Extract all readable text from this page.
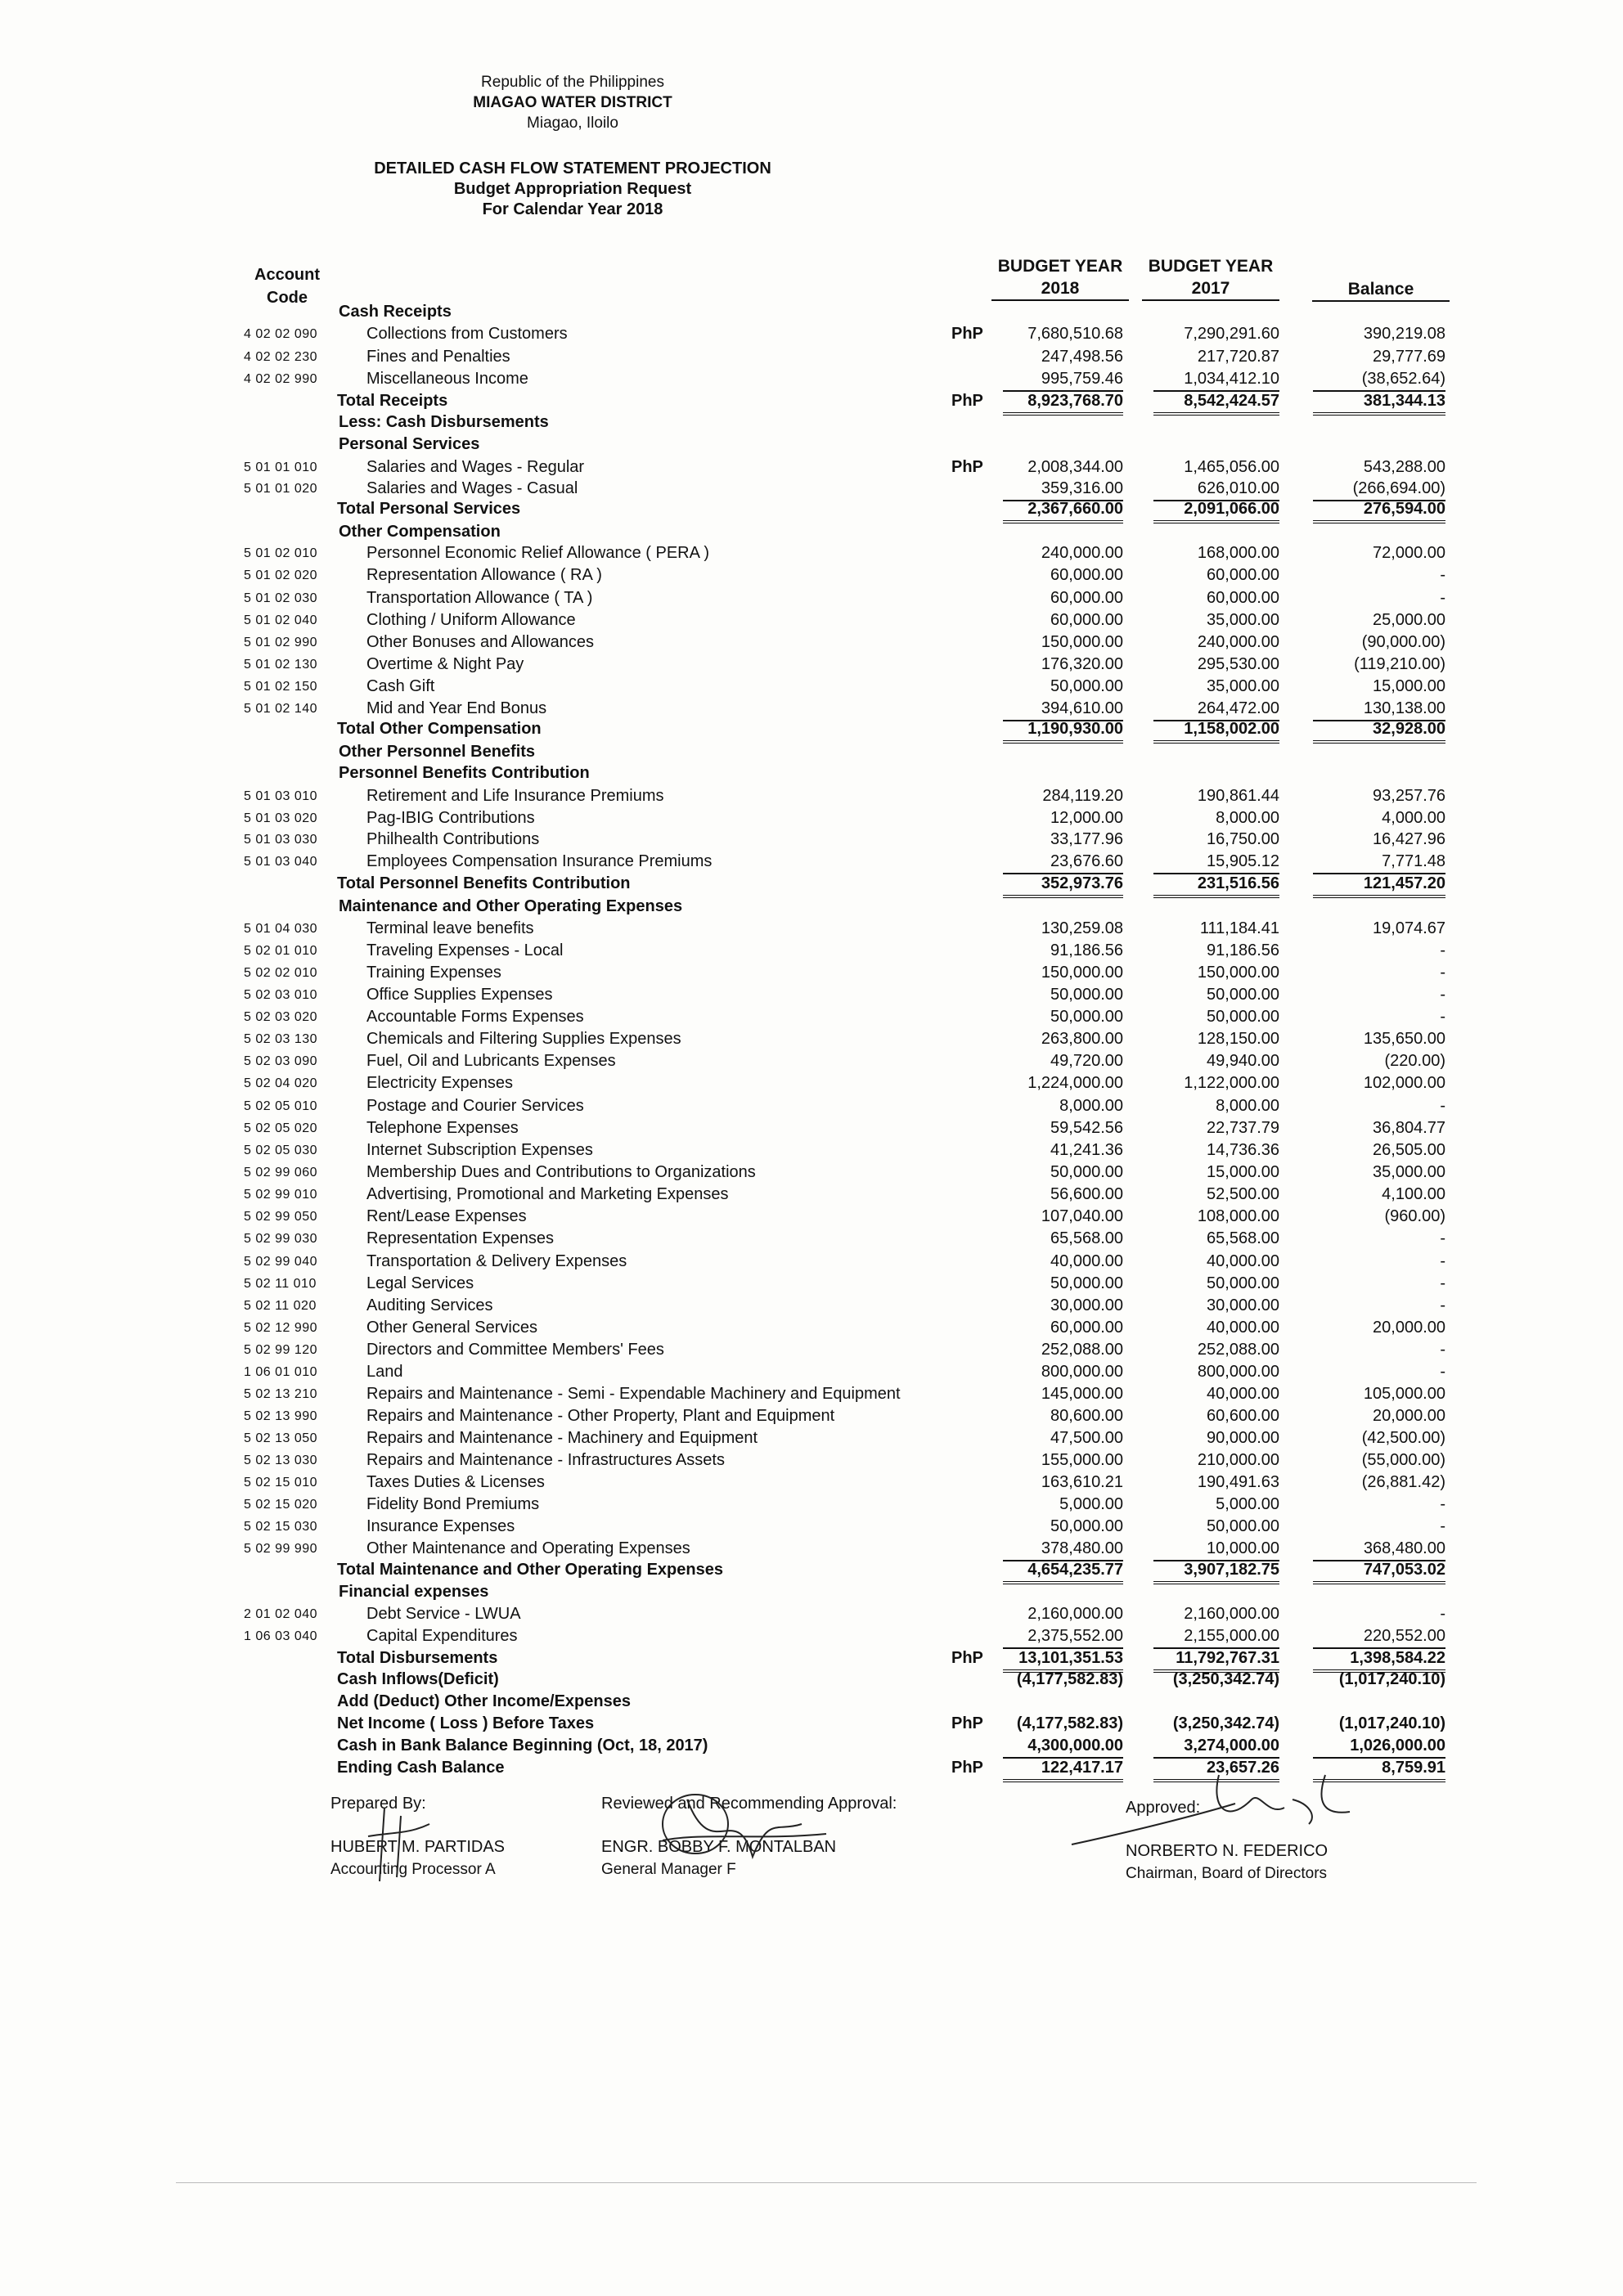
Republic of the Philippines
MIAGAO WATER DISTRICT
Miagao, Iloilo
DETAILED CASH FLOW STATEMENT PROJECTION
Budget Appropriation Request
For Calendar Year 2018
Account
Code
BUDGET YEAR
2018
BUDGET YEAR
2017	Balance
Cash Receipts
4 02 02 090	Collections from Customers	PhP	7,680,510.68	7,290,291.60	390,219.08
4 02 02 230	Fines and Penalties	247,498.56	217,720.87	29,777.69
4 02 02 990	Miscellaneous Income	995,759.46	1,034,412.10	(38,652.64)
Total Receipts	PhP	8,923,768.70	8,542,424.57	381,344.13
Less: Cash Disbursements
Personal Services
5 01 01 010	Salaries and Wages - Regular	PhP	2,008,344.00	1,465,056.00	543,288.00
5 01 01 020	Salaries and Wages - Casual	359,316.00	626,010.00	(266,694.00)
Total Personal Services	2,367,660.00	2,091,066.00	276,594.00
Other Compensation
5 01 02 010	Personnel Economic Relief Allowance ( PERA )	240,000.00	168,000.00	72,000.00
5 01 02 020	Representation Allowance ( RA )	60,000.00	60,000.00	-
5 01 02 030	Transportation Allowance ( TA )	60,000.00	60,000.00	-
5 01 02 040	Clothing / Uniform Allowance	60,000.00	35,000.00	25,000.00
5 01 02 990	Other Bonuses and Allowances	150,000.00	240,000.00	(90,000.00)
5 01 02 130	Overtime & Night Pay	176,320.00	295,530.00	(119,210.00)
5 01 02 150	Cash Gift	50,000.00	35,000.00	15,000.00
5 01 02 140	Mid and Year End Bonus	394,610.00	264,472.00	130,138.00
Total Other Compensation	1,190,930.00	1,158,002.00	32,928.00
Other Personnel Benefits
Personnel Benefits Contribution
5 01 03 010	Retirement and Life Insurance Premiums	284,119.20	190,861.44	93,257.76
5 01 03 020	Pag-IBIG Contributions	12,000.00	8,000.00	4,000.00
5 01 03 030	Philhealth Contributions	33,177.96	16,750.00	16,427.96
5 01 03 040	Employees Compensation Insurance Premiums	23,676.60	15,905.12	7,771.48
Total Personnel Benefits Contribution	352,973.76	231,516.56	121,457.20
Maintenance and Other Operating Expenses
5 01 04 030	Terminal leave benefits	130,259.08	111,184.41	19,074.67
5 02 01 010	Traveling Expenses - Local	91,186.56	91,186.56	-
5 02 02 010	Training Expenses	150,000.00	150,000.00	-
5 02 03 010	Office Supplies Expenses	50,000.00	50,000.00	-
5 02 03 020	Accountable Forms Expenses	50,000.00	50,000.00	-
5 02 03 130	Chemicals and Filtering Supplies Expenses	263,800.00	128,150.00	135,650.00
5 02 03 090	Fuel, Oil and Lubricants Expenses	49,720.00	49,940.00	(220.00)
5 02 04 020	Electricity Expenses	1,224,000.00	1,122,000.00	102,000.00
5 02 05 010	Postage and Courier Services	8,000.00	8,000.00	-
5 02 05 020	Telephone Expenses	59,542.56	22,737.79	36,804.77
5 02 05 030	Internet Subscription Expenses	41,241.36	14,736.36	26,505.00
5 02 99 060	Membership Dues and Contributions to Organizations	50,000.00	15,000.00	35,000.00
5 02 99 010	Advertising, Promotional and Marketing Expenses	56,600.00	52,500.00	4,100.00
5 02 99 050	Rent/Lease Expenses	107,040.00	108,000.00	(960.00)
5 02 99 030	Representation Expenses	65,568.00	65,568.00	-
5 02 99 040	Transportation & Delivery Expenses	40,000.00	40,000.00	-
5 02 11 010	Legal Services	50,000.00	50,000.00	-
5 02 11 020	Auditing Services	30,000.00	30,000.00	-
5 02 12 990	Other General Services	60,000.00	40,000.00	20,000.00
5 02 99 120	Directors and Committee Members' Fees	252,088.00	252,088.00	-
1 06 01 010	Land	800,000.00	800,000.00	-
5 02 13 210	Repairs and Maintenance - Semi - Expendable Machinery and Equipment	145,000.00	40,000.00	105,000.00
5 02 13 990	Repairs and Maintenance - Other Property, Plant and Equipment	80,600.00	60,600.00	20,000.00
5 02 13 050	Repairs and Maintenance - Machinery and Equipment	47,500.00	90,000.00	(42,500.00)
5 02 13 030	Repairs and Maintenance - Infrastructures Assets	155,000.00	210,000.00	(55,000.00)
5 02 15 010	Taxes Duties & Licenses	163,610.21	190,491.63	(26,881.42)
5 02 15 020	Fidelity Bond Premiums	5,000.00	5,000.00	-
5 02 15 030	Insurance Expenses	50,000.00	50,000.00	-
5 02 99 990	Other Maintenance and Operating Expenses	378,480.00	10,000.00	368,480.00
Total Maintenance and Other Operating Expenses	4,654,235.77	3,907,182.75	747,053.02
Financial expenses
2 01 02 040	Debt Service - LWUA	2,160,000.00	2,160,000.00	-
1 06 03 040	Capital Expenditures	2,375,552.00	2,155,000.00	220,552.00
Total Disbursements	PhP	13,101,351.53	11,792,767.31	1,398,584.22
Cash Inflows(Deficit)	(4,177,582.83)	(3,250,342.74)	(1,017,240.10)
Add (Deduct) Other Income/Expenses
Net Income ( Loss ) Before Taxes	PhP	(4,177,582.83)	(3,250,342.74)	(1,017,240.10)
Cash in Bank Balance Beginning (Oct, 18, 2017)	4,300,000.00	3,274,000.00	1,026,000.00
Ending Cash Balance	PhP	122,417.17	23,657.26	8,759.91
Prepared By:
HUBERT M. PARTIDAS
Accounting Processor A
Reviewed and Recommending Approval:
ENGR. BOBBY F. MONTALBAN
General Manager F
Approved:
NORBERTO N. FEDERICO
Chairman, Board of Directors
